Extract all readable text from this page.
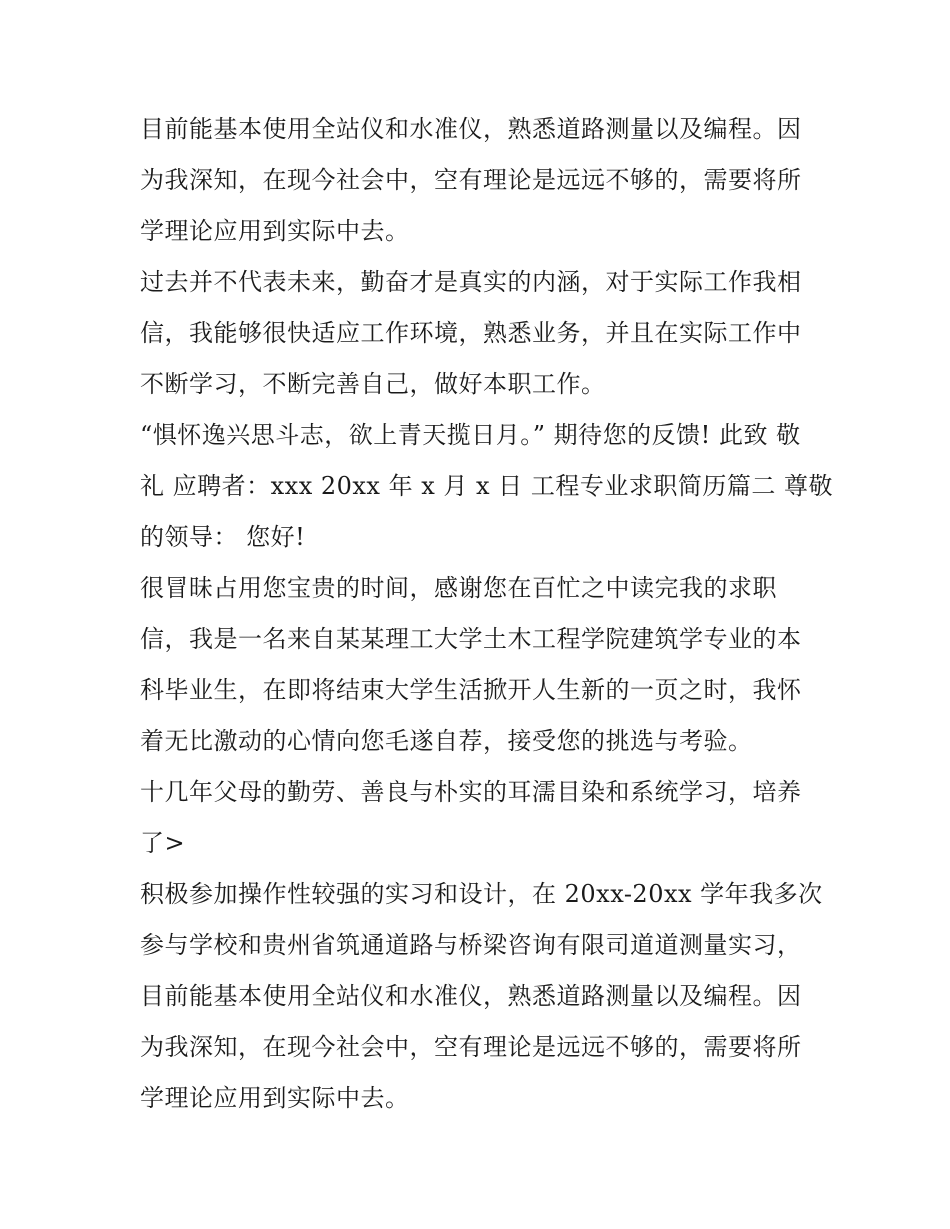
目前能基本使用全站仪和水准仪，熟悉道路测量以及编程。因
为我深知，在现今社会中，空有理论是远远不够的，需要将所
学理论应用到实际中去。

过去并不代表未来，勤奋才是真实的内涵，对于实际工作我相
信，我能够很快适应工作环境，熟悉业务，并且在实际工作中
不断学习，不断完善自己，做好本职工作。

“惧怀逸兴思斗志，欲上青天揽日月。” 期待您的反馈! 此致 敬
礼 应聘者：xxx 20xx 年 x 月 x 日 工程专业求职简历篇二 尊敬
的领导： 您好!

很冒昧占用您宝贵的时间，感谢您在百忙之中读完我的求职
信，我是一名来自某某理工大学土木工程学院建筑学专业的本
科毕业生，在即将结束大学生活掀开人生新的一页之时，我怀
着无比激动的心情向您毛遂自荐，接受您的挑选与考验。

十几年父母的勤劳、善良与朴实的耳濡目染和系统学习，培养
了>

积极参加操作性较强的实习和设计，在 20xx-20xx 学年我多次
参与学校和贵州省筑通道路与桥梁咨询有限司道道测量实习，
目前能基本使用全站仪和水准仪，熟悉道路测量以及编程。因
为我深知，在现今社会中，空有理论是远远不够的，需要将所
学理论应用到实际中去。
